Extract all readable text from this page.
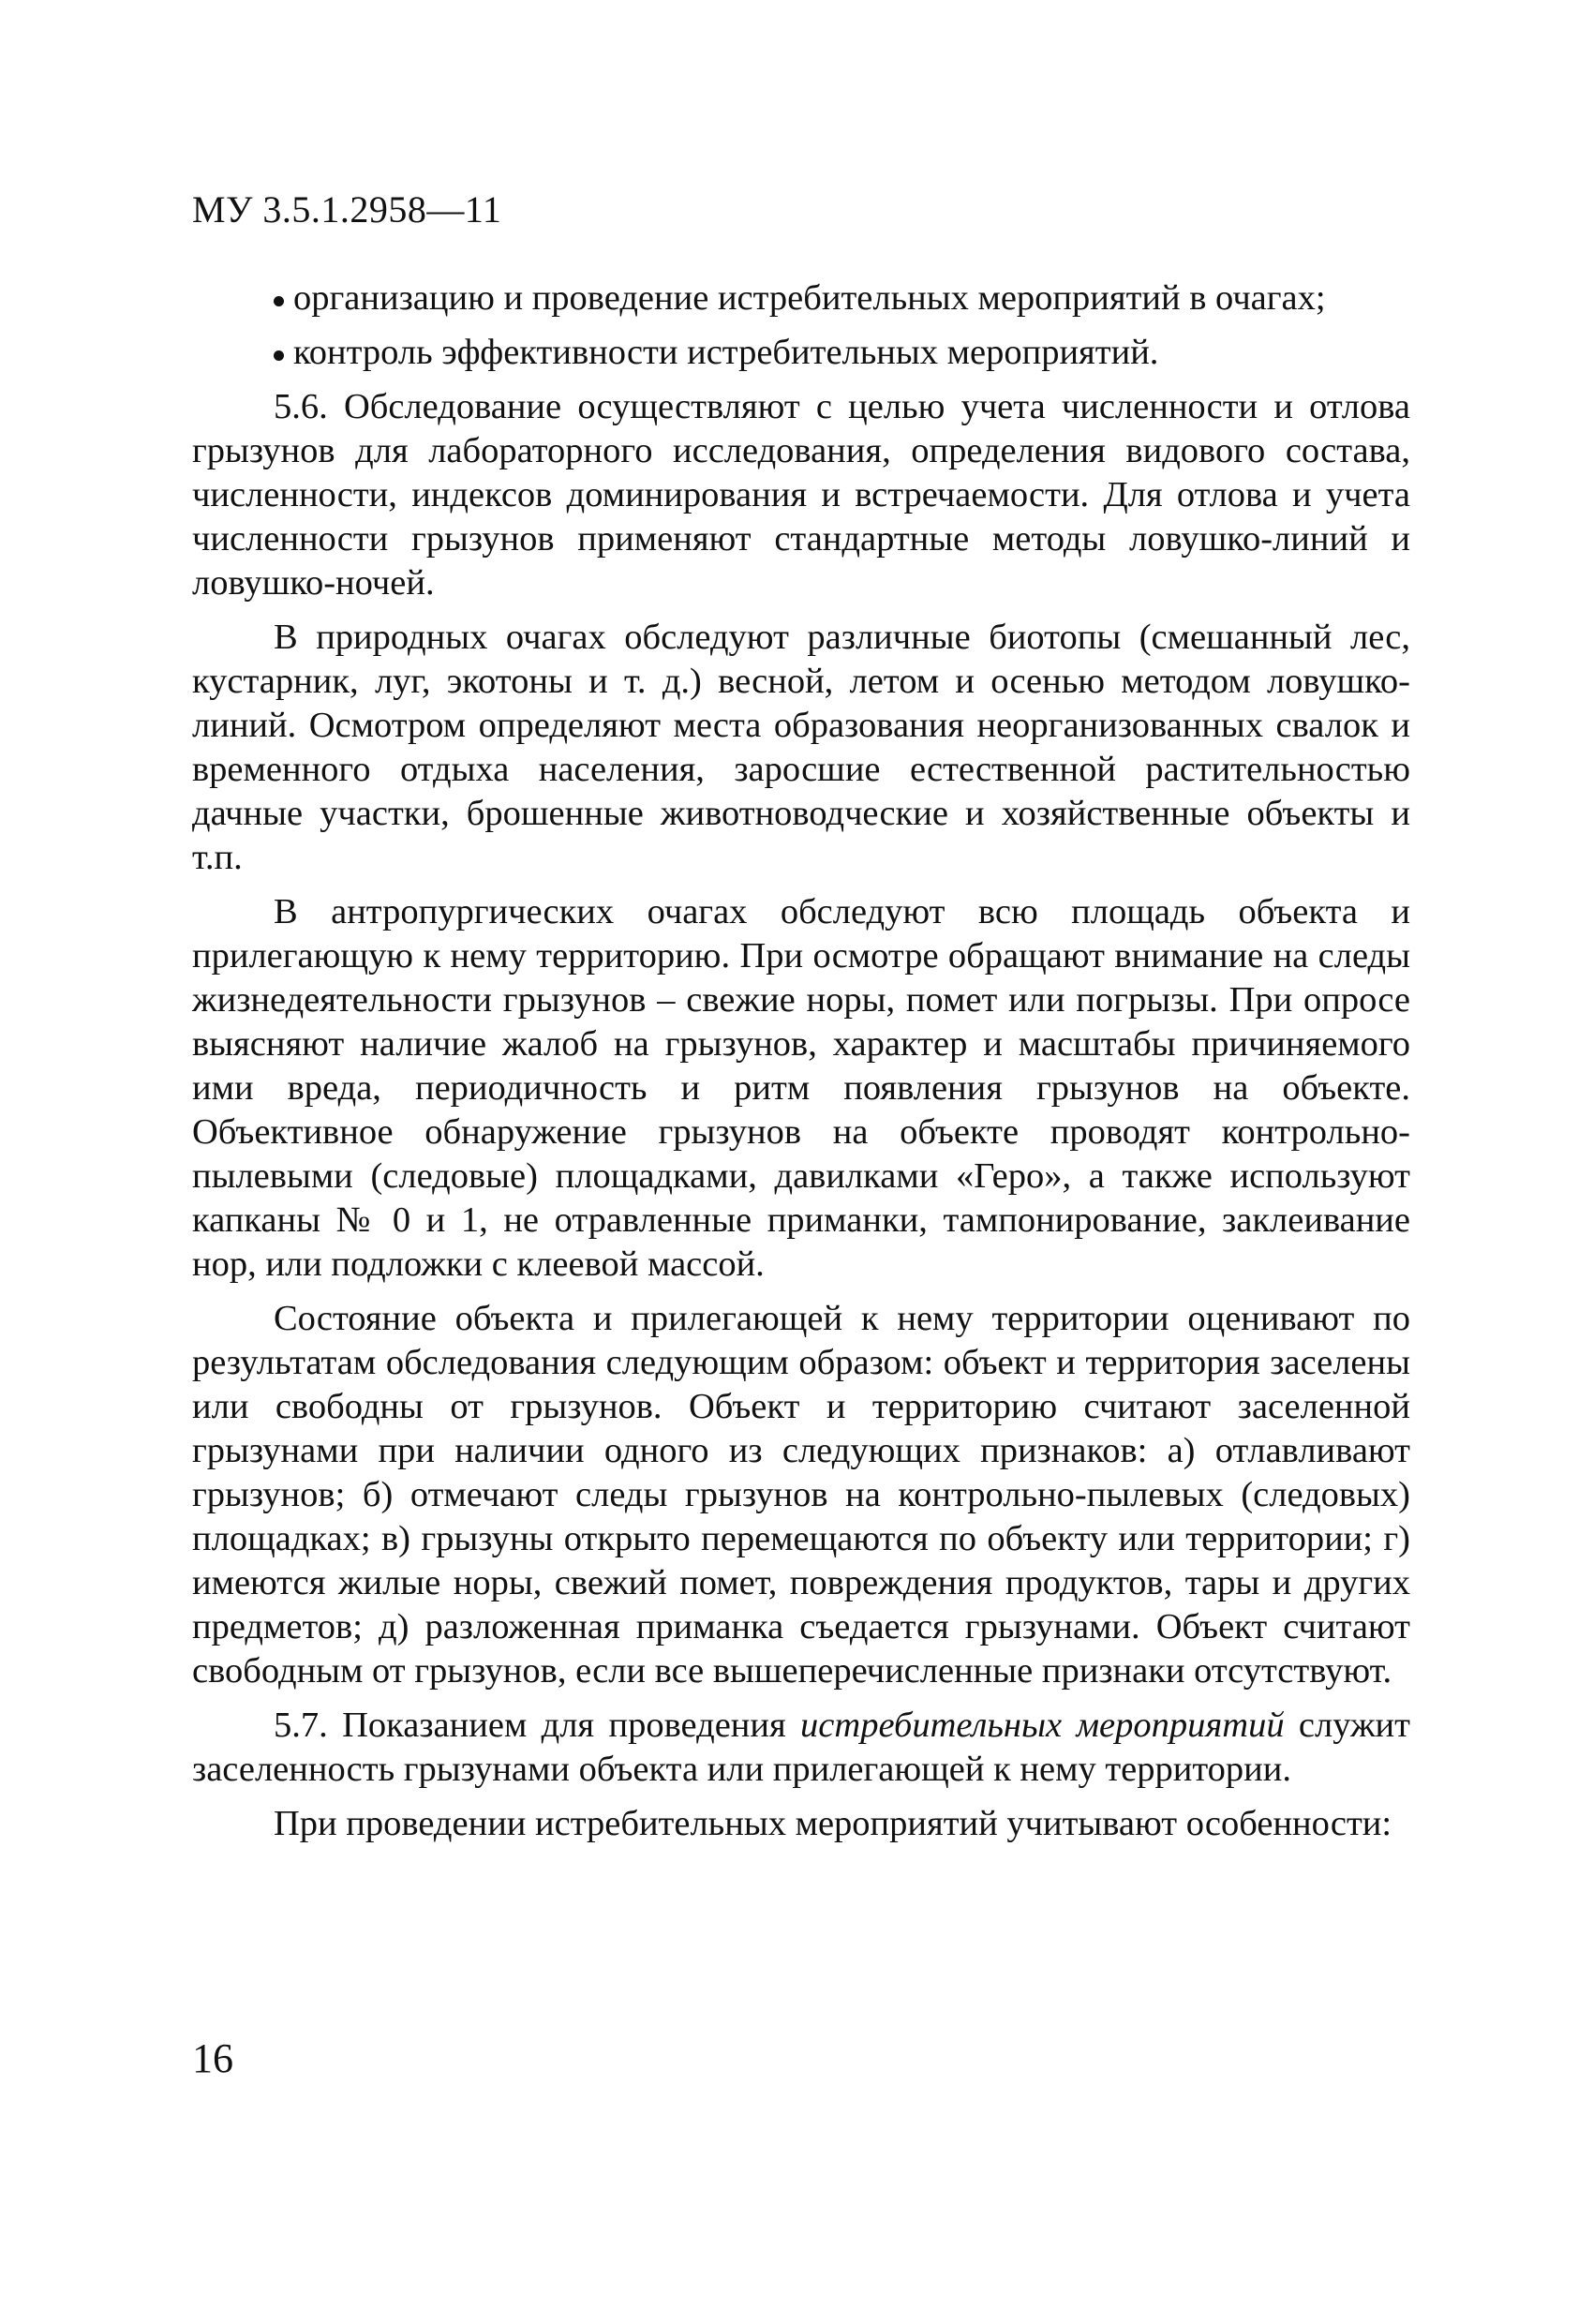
МУ 3.5.1.2958—11

организацию и проведение истребительных мероприятий в очагах;

контроль эффективности истребительных мероприятий.

5.6. Обследование осуществляют с целью учета численности и отлова грызунов для лабораторного исследования, определения видового состава, численности, индексов доминирования и встречаемости. Для отлова и учета численности грызунов применяют стандартные методы ловушко-линий и ловушко-ночей.

В природных очагах обследуют различные биотопы (смешанный лес, кустарник, луг, экотоны и т. д.) весной, летом и осенью методом ловушко-линий. Осмотром определяют места образования неорганизованных свалок и временного отдыха населения, заросшие естественной растительностью дачные участки, брошенные животноводческие и хозяйственные объекты и т.п.

В антропургических очагах обследуют всю площадь объекта и прилегающую к нему территорию. При осмотре обращают внимание на следы жизнедеятельности грызунов – свежие норы, помет или погрызы. При опросе выясняют наличие жалоб на грызунов, характер и масштабы причиняемого ими вреда, периодичность и ритм появления грызунов на объекте. Объективное обнаружение грызунов на объекте проводят контрольно-пылевыми (следовые) площадками, давилками «Геро», а также используют капканы № 0 и 1, не отравленные приманки, тампонирование, заклеивание нор, или подложки с клеевой массой.

Состояние объекта и прилегающей к нему территории оценивают по результатам обследования следующим образом: объект и территория заселены или свободны от грызунов. Объект и территорию считают заселенной грызунами при наличии одного из следующих признаков: а) отлавливают грызунов; б) отмечают следы грызунов на контрольно-пылевых (следовых) площадках; в) грызуны открыто перемещаются по объекту или территории; г) имеются жилые норы, свежий помет, повреждения продуктов, тары и других предметов; д) разложенная приманка съедается грызунами. Объект считают свободным от грызунов, если все вышеперечисленные признаки отсутствуют.

5.7. Показанием для проведения истребительных мероприятий служит заселенность грызунами объекта или прилегающей к нему территории.

При проведении истребительных мероприятий учитывают особенности:

16
